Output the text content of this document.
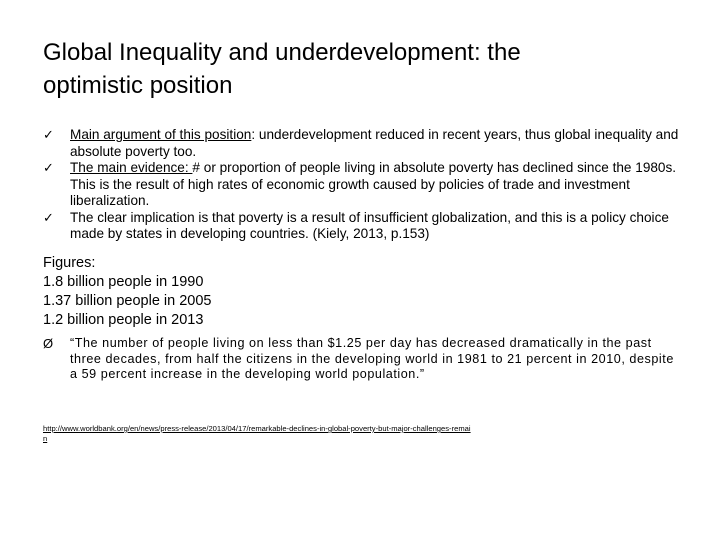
Global Inequality and underdevelopment: the
optimistic position
✓ Main argument of this position: underdevelopment reduced in recent years, thus global inequality and absolute poverty too.
✓ The main evidence: # or proportion of people living in absolute poverty has declined since the 1980s. This is the result of high rates of economic growth caused by policies of trade and investment liberalization.
✓ The clear implication is that poverty is a result of insufficient globalization, and this is a policy choice made by states in developing countries. (Kiely, 2013, p.153)
Figures:
1.8 billion people in 1990
1.37 billion people in 2005
1.2 billion people in 2013
Ø “The number of people living on less than $1.25 per day has decreased dramatically in the past three decades, from half the citizens in the developing world in 1981 to 21 percent in 2010, despite a 59 percent increase in the developing world population.”
http://www.worldbank.org/en/news/press-release/2013/04/17/remarkable-declines-in-global-poverty-but-major-challenges-remain
